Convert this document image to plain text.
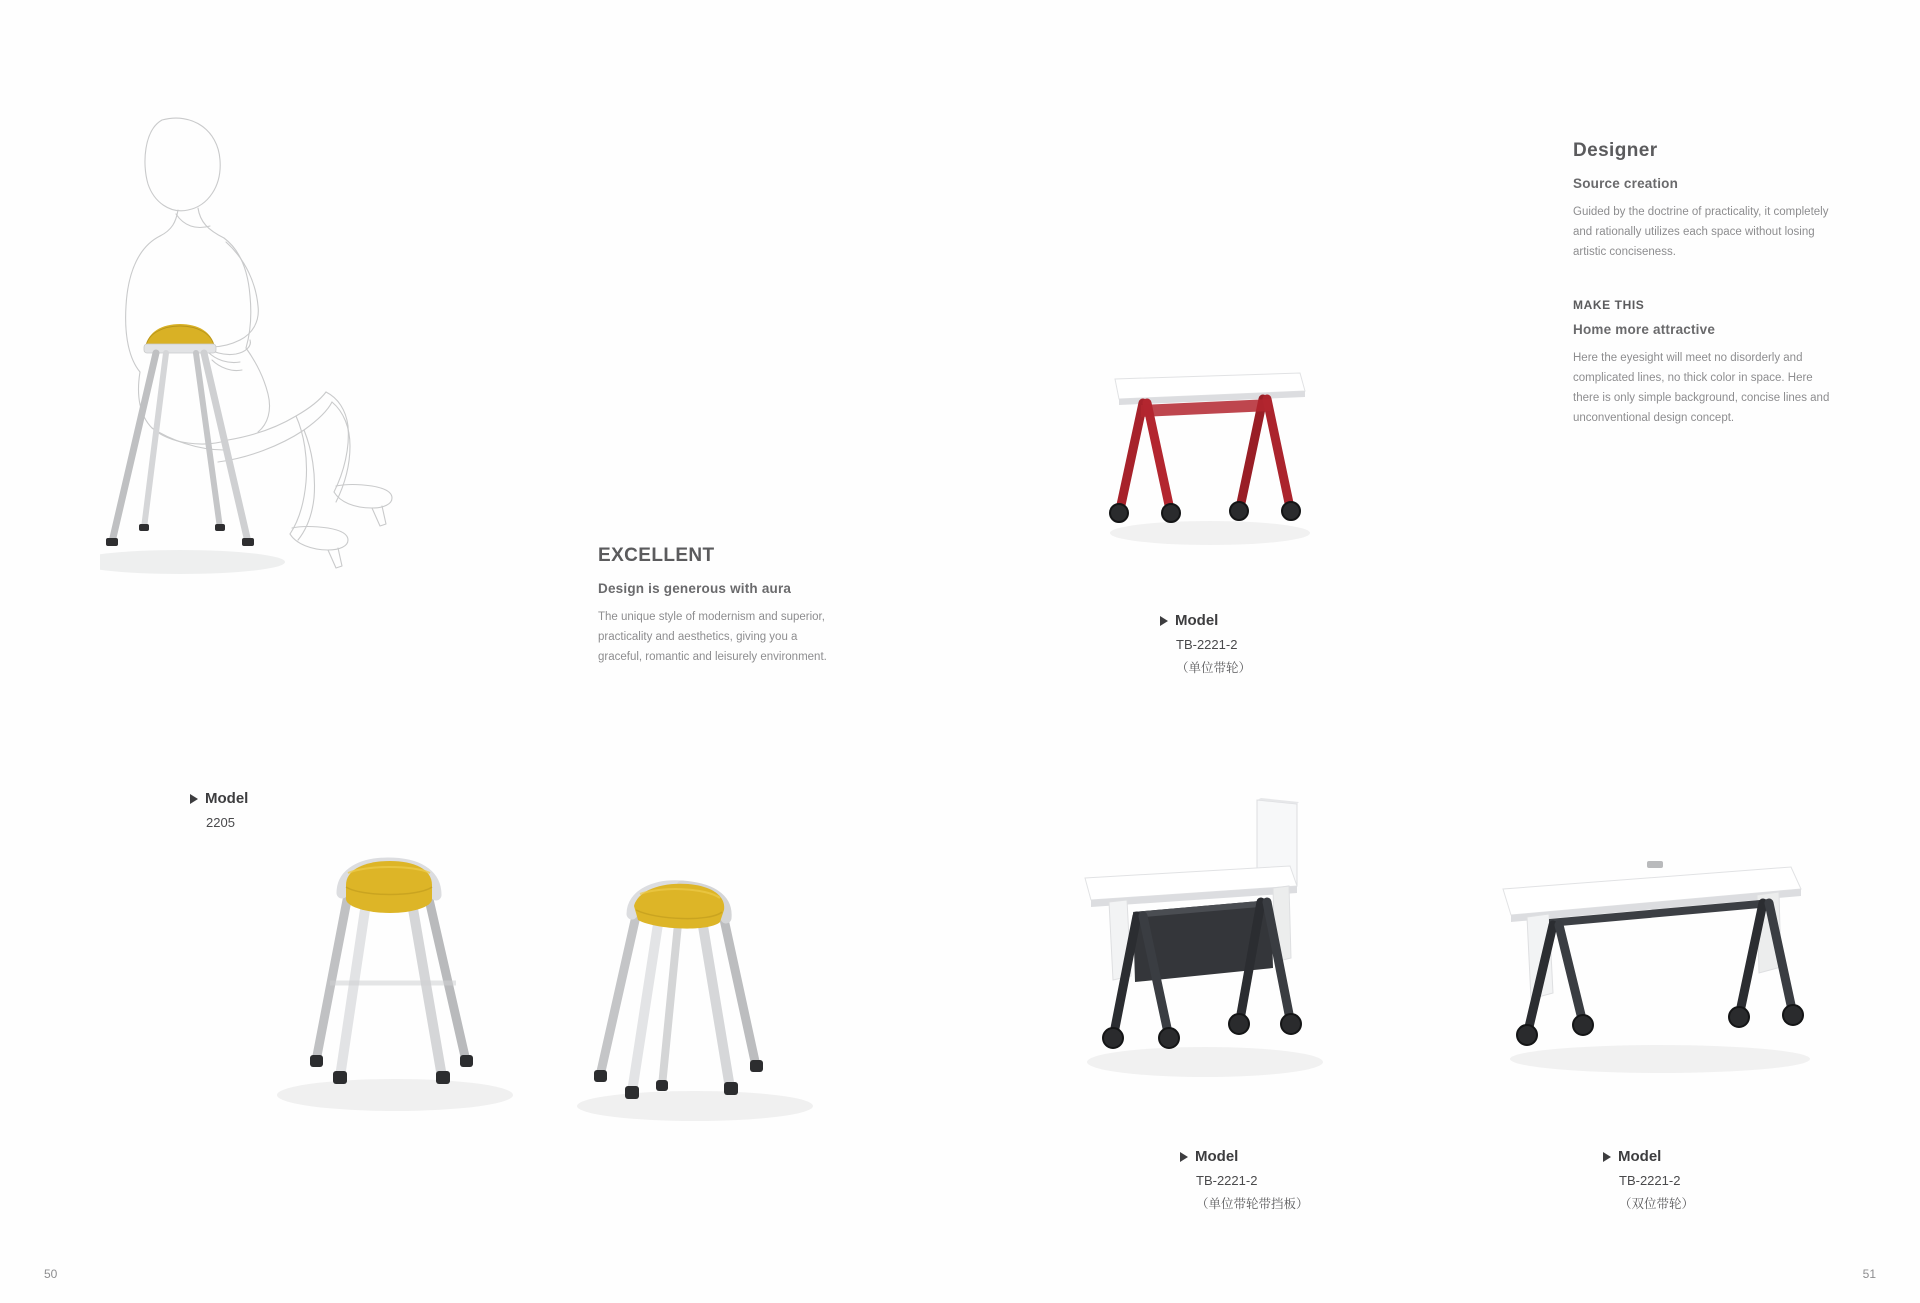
EXCELLENT

Design is generous with aura

The unique style of modernism and superior, practicality and aesthetics, giving you a graceful, romantic and leisurely environment.

Model
2205
50

Designer

Source creation

Guided by the doctrine of practicality, it completely and rationally utilizes each space without losing artistic conciseness.

MAKE THIS

Home more attractive

Here the eyesight will meet no disorderly and complicated lines, no thick color in space. Here there is only simple background, concise lines and unconventional design concept.

Model
TB-2221-2
（单位带轮）
Model
TB-2221-2
（单位带轮带挡板）
Model
TB-2221-2
（双位带轮）
51
